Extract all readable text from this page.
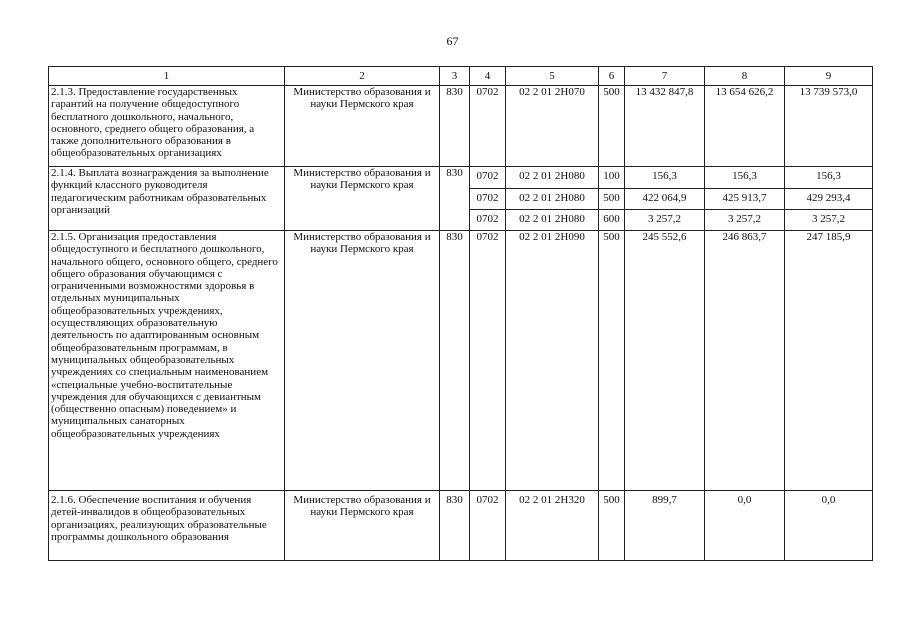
67
1	2	3	4	5	6	7	8	9
2.1.3. Предоставление государственных гарантий на получение общедоступного бесплатного дошкольного, начального, основного, среднего общего образования, а также дополнительного образования в общеобразовательных организациях	Министерство образования и науки Пермского края	830	0702	02 2 01 2Н070	500	13 432 847,8	13 654 626,2	13 739 573,0
2.1.4. Выплата вознаграждения за выполнение функций классного руководителя педагогическим работникам образовательных организаций	Министерство образования и науки Пермского края	830	0702	02 2 01 2Н080	100	156,3	156,3	156,3
			0702	02 2 01 2Н080	500	422 064,9	425 913,7	429 293,4
			0702	02 2 01 2Н080	600	3 257,2	3 257,2	3 257,2
2.1.5. Организация предоставления общедоступного и бесплатного дошкольного, начального общего, основного общего, среднего общего образования обучающимся с ограниченными возможностями здоровья в отдельных муниципальных общеобразовательных учреждениях, осуществляющих образовательную деятельность по адаптированным основным общеобразовательным программам, в муниципальных общеобразовательных учреждениях со специальным наименованием «специальные учебно-воспитательные учреждения для обучающихся с девиантным (общественно опасным) поведением» и муниципальных санаторных общеобразовательных учреждениях	Министерство образования и науки Пермского края	830	0702	02 2 01 2Н090	500	245 552,6	246 863,7	247 185,9
2.1.6. Обеспечение воспитания и обучения детей-инвалидов в общеобразовательных организациях, реализующих образовательные программы дошкольного образования	Министерство образования и науки Пермского края	830	0702	02 2 01 2Н320	500	899,7	0,0	0,0
